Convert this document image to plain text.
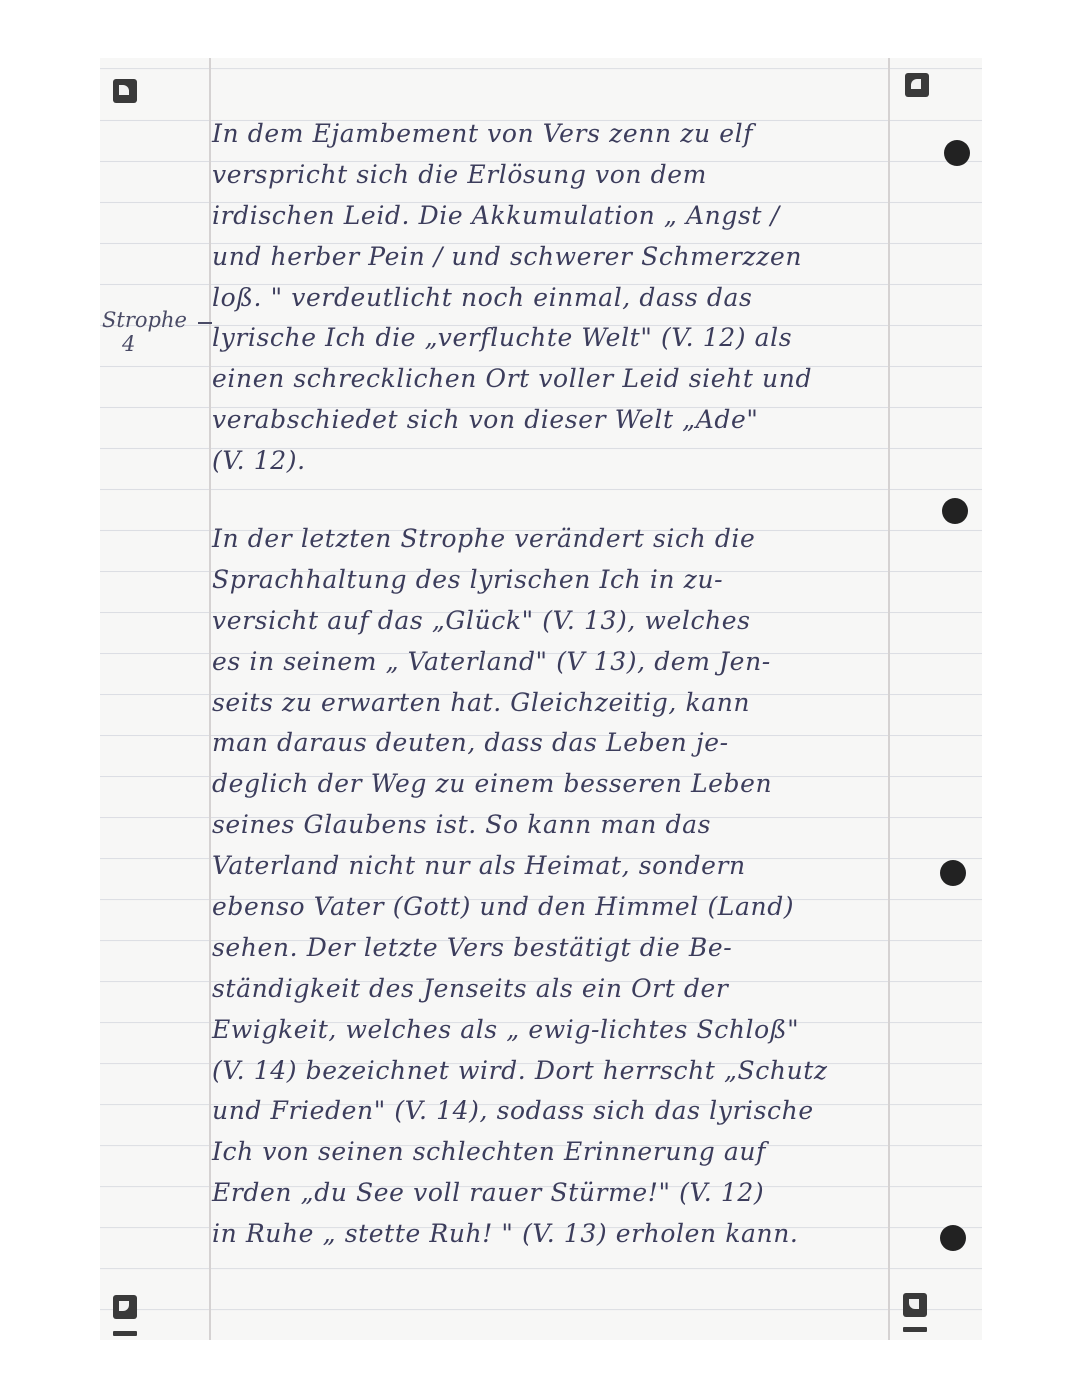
Strophe
4
In dem Ejambement von Vers zenn zu elf
verspricht sich die Erlösung von dem
irdischen Leid. Die Akkumulation „ Angst /
und herber Pein / und schwerer Schmerzzen
loß. " verdeutlicht noch einmal, dass das
lyrische Ich die „verfluchte Welt" (V. 12) als
einen schrecklichen Ort voller Leid sieht und
verabschiedet sich von dieser Welt „Ade"
(V. 12).
In der letzten Strophe verändert sich die
Sprachhaltung des lyrischen Ich in zu-
versicht auf das „Glück" (V. 13), welches
es in seinem „ Vaterland" (V 13), dem Jen-
seits zu erwarten hat. Gleichzeitig, kann
man daraus deuten, dass das Leben je-
deglich der Weg zu einem besseren Leben
seines Glaubens ist. So kann man das
Vaterland nicht nur als Heimat, sondern
ebenso Vater (Gott) und den Himmel (Land)
sehen. Der letzte Vers bestätigt die Be-
ständigkeit des Jenseits als ein Ort der
Ewigkeit, welches als „ ewig-lichtes Schloß"
(V. 14) bezeichnet wird. Dort herrscht „Schutz
und Frieden" (V. 14), sodass sich das lyrische
Ich von seinen schlechten Erinnerung auf
Erden „du See voll rauer Stürme!" (V. 12)
in Ruhe „ stette Ruh! " (V. 13) erholen kann.
